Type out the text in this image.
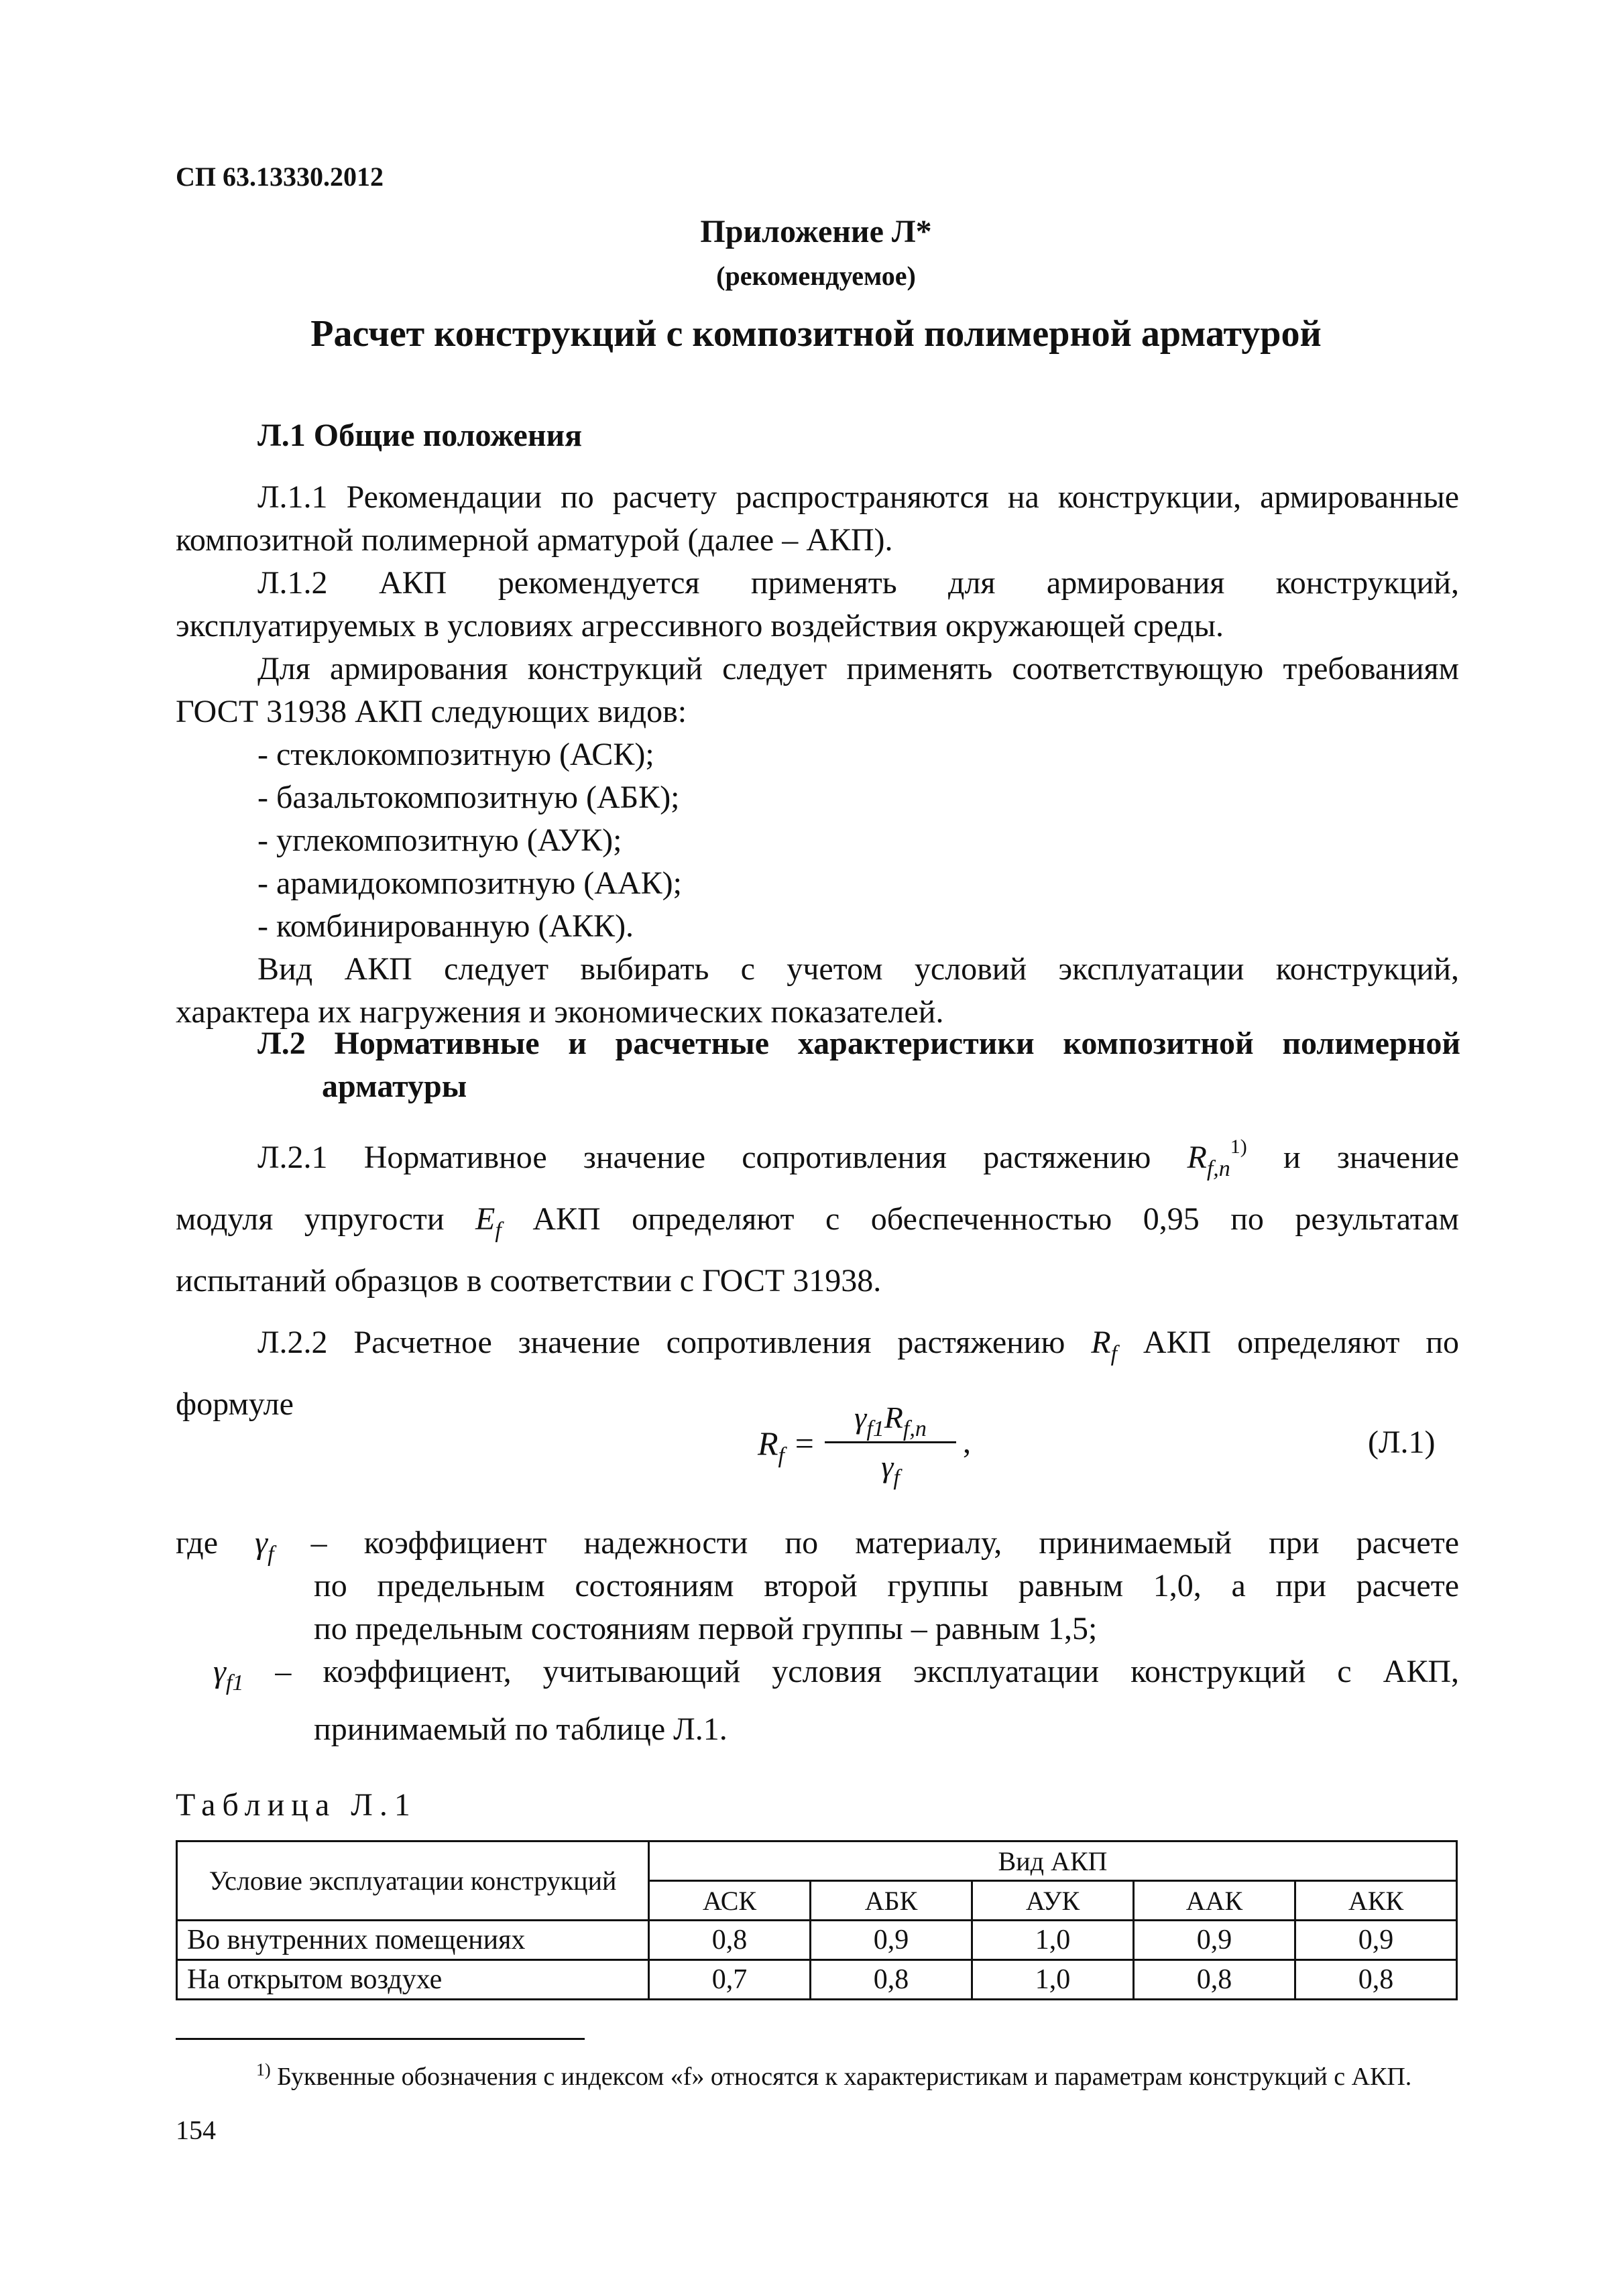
СП 63.13330.2012
Приложение Л*
(рекомендуемое)
Расчет конструкций с композитной полимерной арматурой
Л.1 Общие положения
Л.1.1 Рекомендации по расчету распространяются на конструкции, армированные
композитной полимерной арматурой (далее – АКП).
Л.1.2 АКП рекомендуется применять для армирования конструкций,
эксплуатируемых в условиях агрессивного воздействия окружающей среды.
Для армирования конструкций следует применять соответствующую требованиям
ГОСТ 31938 АКП следующих видов:
- стеклокомпозитную (АСК);
- базальтокомпозитную (АБК);
- углекомпозитную (АУК);
- арамидокомпозитную (ААК);
- комбинированную (АКК).
Вид АКП следует выбирать с учетом условий эксплуатации конструкций,
характера их нагружения и экономических показателей.
Л.2 Нормативные и расчетные характеристики композитной полимерной
арматуры
Л.2.1 Нормативное значение сопротивления растяжению $R_{f,n}^{1)}$ и значение
модуля упругости $E_f$ АКП определяют с обеспеченностью 0,95 по результатам
испытаний образцов в соответствии с ГОСТ 31938.
Л.2.2 Расчетное значение сопротивления растяжению $R_f$ АКП определяют по
формуле
$R_f$ =
$\gamma_{f1}R_{f,n}$
$\gamma_f$
,	(Л.1)
где $\gamma_f$ – коэффициент надежности по материалу, принимаемый при расчете
по предельным состояниям второй группы равным 1,0, а при расчете
по предельным состояниям первой группы – равным 1,5;
$\gamma_{f1}$ – коэффициент, учитывающий условия эксплуатации конструкций с АКП,
принимаемый по таблице Л.1.
Таблица Л.1
Условие эксплуатации конструкций	Вид АКП				
	АСК	АБК	АУК	ААК	АКК
Во внутренних помещениях	0,8	0,9	1,0	0,9	0,9
На открытом воздухе	0,7	0,8	1,0	0,8	0,8
$^{1)}$ Буквенные обозначения с индексом «f» относятся к характеристикам и параметрам конструкций с АКП.
154
